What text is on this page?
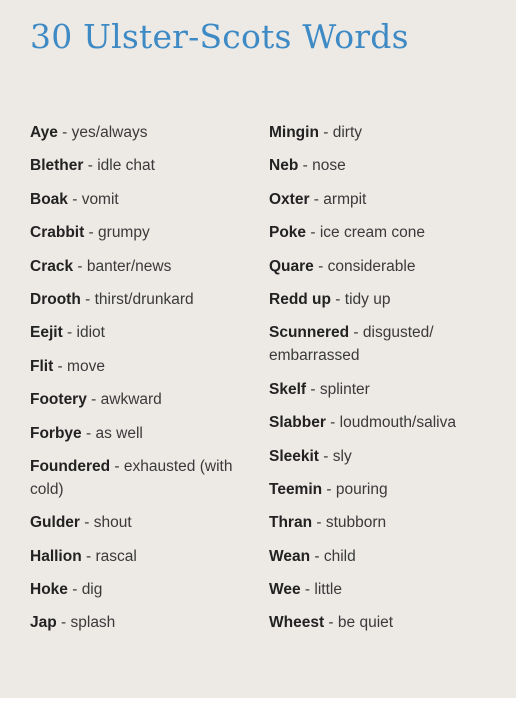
30 Ulster-Scots Words
Aye - yes/always
Blether - idle chat
Boak - vomit
Crabbit - grumpy
Crack - banter/news
Drooth - thirst/drunkard
Eejit - idiot
Flit - move
Footery - awkward
Forbye - as well
Foundered - exhausted (with cold)
Gulder - shout
Hallion - rascal
Hoke - dig
Jap - splash
Mingin - dirty
Neb - nose
Oxter - armpit
Poke - ice cream cone
Quare - considerable
Redd up - tidy up
Scunnered - disgusted/ embarrassed
Skelf - splinter
Slabber - loudmouth/saliva
Sleekit - sly
Teemin - pouring
Thran - stubborn
Wean - child
Wee - little
Wheest - be quiet
